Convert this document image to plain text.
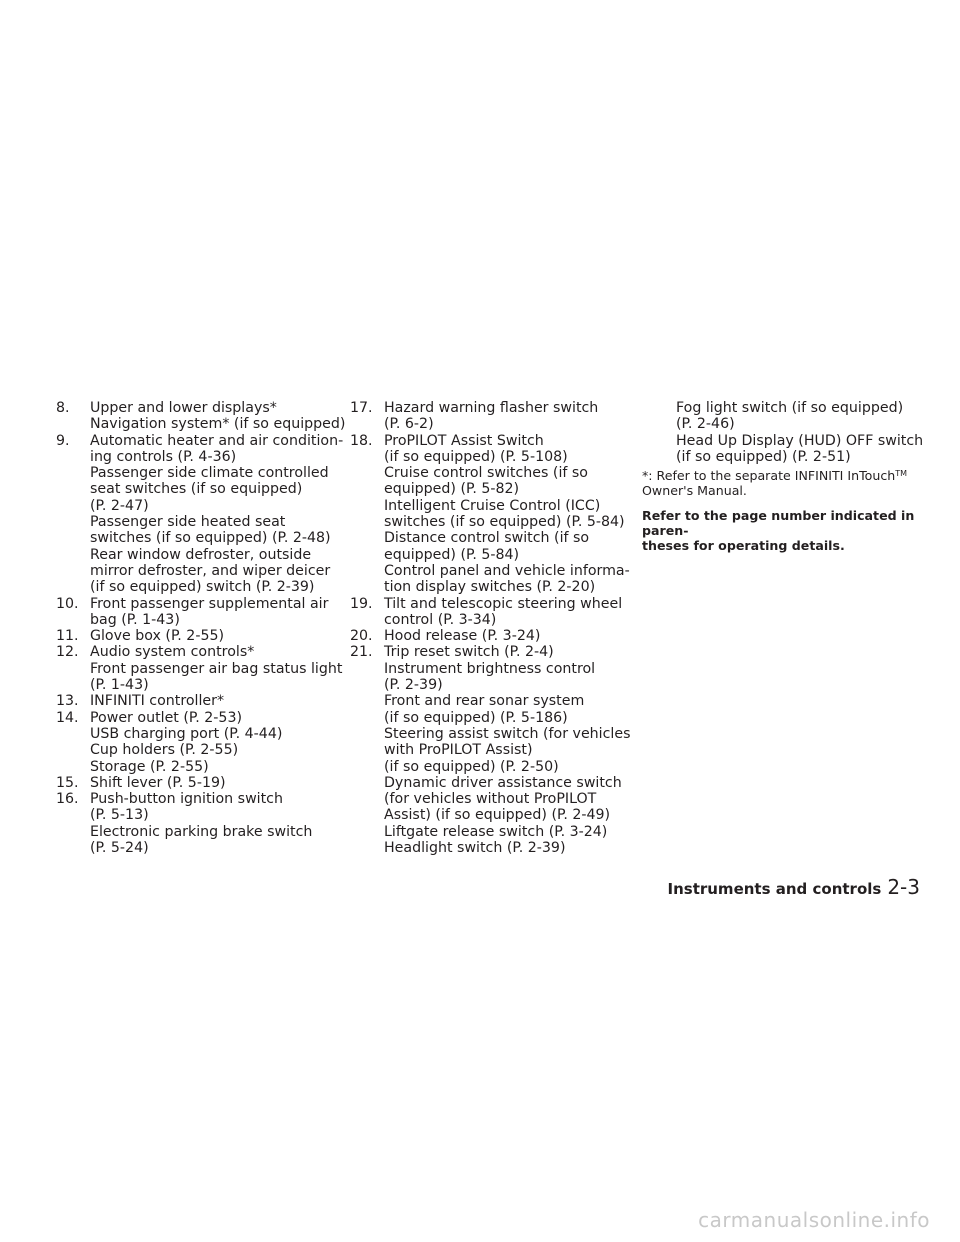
8. Upper and lower displays*
Navigation system* (if so equipped)
9. Automatic heater and air condition-
ing controls (P. 4-36)
Passenger side climate controlled
seat switches (if so equipped)
(P. 2-47)
Passenger side heated seat
switches (if so equipped) (P. 2-48)
Rear window defroster, outside
mirror defroster, and wiper deicer
(if so equipped) switch (P. 2-39)
10. Front passenger supplemental air
bag (P. 1-43)
11. Glove box (P. 2-55)
12. Audio system controls*
Front passenger air bag status light
(P. 1-43)
13. INFINITI controller*
14. Power outlet (P. 2-53)
USB charging port (P. 4-44)
Cup holders (P. 2-55)
Storage (P. 2-55)
15. Shift lever (P. 5-19)
16. Push-button ignition switch
(P. 5-13)
Electronic parking brake switch
(P. 5-24)
17. Hazard warning flasher switch
(P. 6-2)
18. ProPILOT Assist Switch
(if so equipped) (P. 5-108)
Cruise control switches (if so
equipped) (P. 5-82)
Intelligent Cruise Control (ICC)
switches (if so equipped) (P. 5-84)
Distance control switch (if so
equipped) (P. 5-84)
Control panel and vehicle informa-
tion display switches (P. 2-20)
19. Tilt and telescopic steering wheel
control (P. 3-34)
20. Hood release (P. 3-24)
21. Trip reset switch (P. 2-4)
Instrument brightness control
(P. 2-39)
Front and rear sonar system
(if so equipped) (P. 5-186)
Steering assist switch (for vehicles
with ProPILOT Assist)
(if so equipped) (P. 2-50)
Dynamic driver assistance switch
(for vehicles without ProPILOT
Assist) (if so equipped) (P. 2-49)
Liftgate release switch (P. 3-24)
Headlight switch (P. 2-39)
Fog light switch (if so equipped)
(P. 2-46)
Head Up Display (HUD) OFF switch
(if so equipped) (P. 2-51)
*: Refer to the separate INFINITI InTouch™
Owner's Manual.
Refer to the page number indicated in paren-
theses for operating details.
Instruments and controls 2-3
carmanualsonline.info
